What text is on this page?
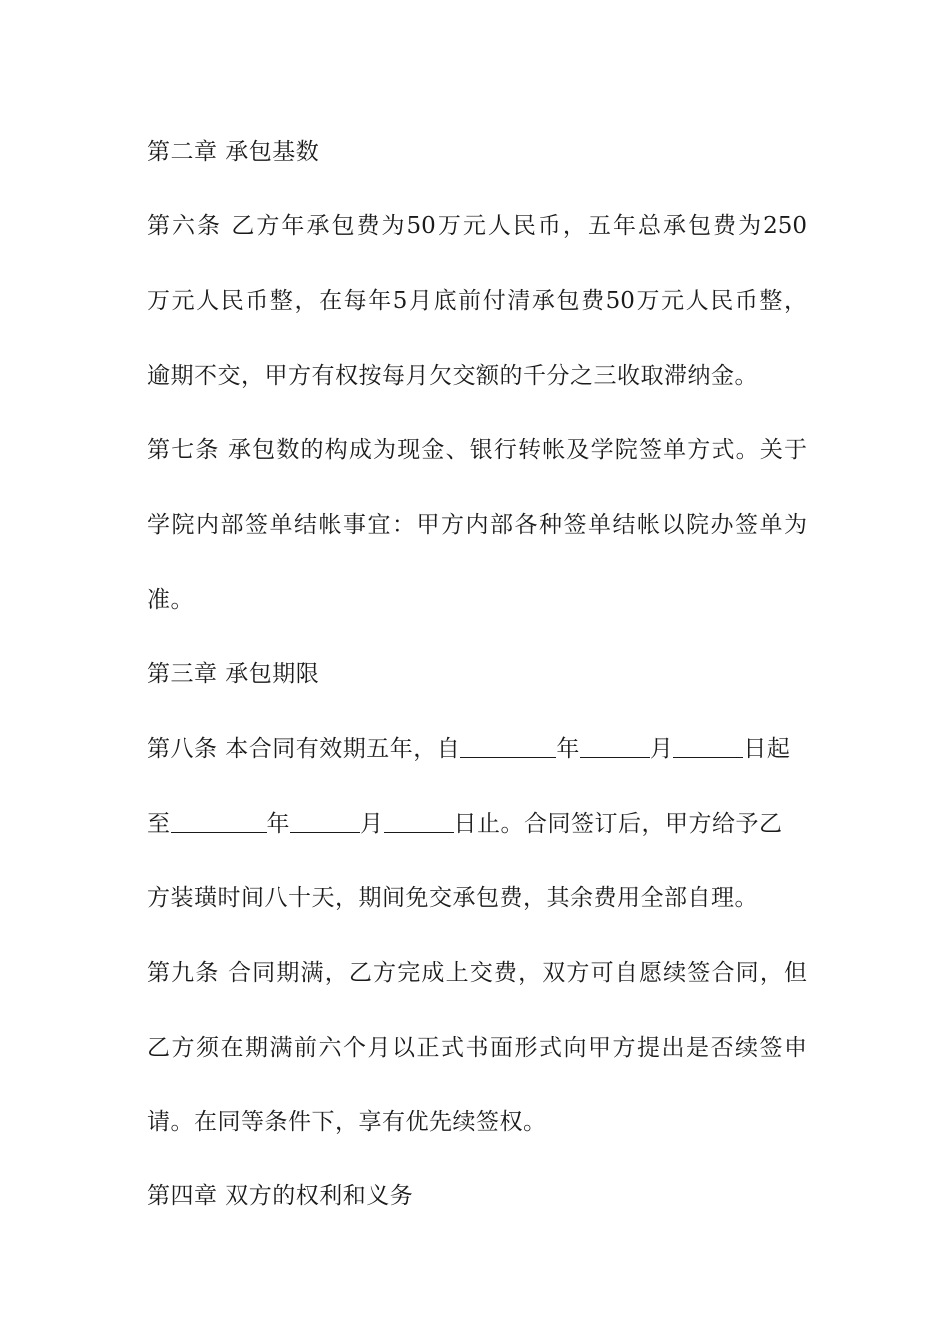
第二章 承包基数
第六条 乙方年承包费为50万元人民币，五年总承包费为250
万元人民币整，在每年5月底前付清承包费50万元人民币整，
逾期不交，甲方有权按每月欠交额的千分之三收取滞纳金。
第七条 承包数的构成为现金、银行转帐及学院签单方式。关于
学院内部签单结帐事宜：甲方内部各种签单结帐以院办签单为
准。
第三章 承包期限
第八条 本合同有效期五年，自	年	月	日起
至	年	月	日止。合同签订后，甲方给予乙
方装璜时间八十天，期间免交承包费，其余费用全部自理。
第九条 合同期满，乙方完成上交费，双方可自愿续签合同，但
乙方须在期满前六个月以正式书面形式向甲方提出是否续签申
请。在同等条件下，享有优先续签权。
第四章 双方的权利和义务
